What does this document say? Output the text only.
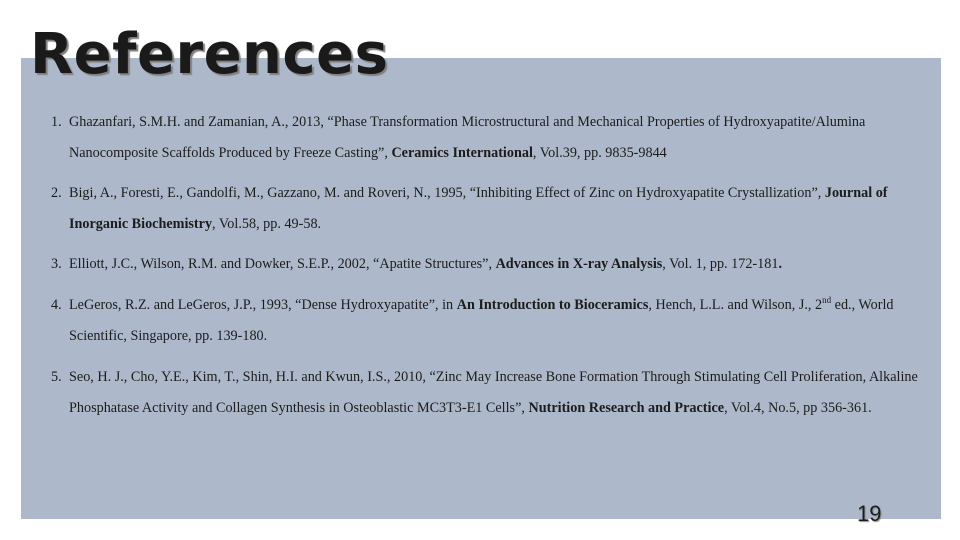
References
1. Ghazanfari, S.M.H. and Zamanian, A., 2013, “Phase Transformation Microstructural and Mechanical Properties of Hydroxyapatite/Alumina Nanocomposite Scaffolds Produced by Freeze Casting”, Ceramics International, Vol.39, pp. 9835-9844
2. Bigi, A., Foresti, E., Gandolfi, M., Gazzano, M. and Roveri, N., 1995, “Inhibiting Effect of Zinc on Hydroxyapatite Crystallization”, Journal of Inorganic Biochemistry, Vol.58, pp. 49-58.
3. Elliott, J.C., Wilson, R.M. and Dowker, S.E.P., 2002, “Apatite Structures”, Advances in X-ray Analysis, Vol. 1, pp. 172-181.
4. LeGeros, R.Z. and LeGeros, J.P., 1993, “Dense Hydroxyapatite”, in An Introduction to Bioceramics, Hench, L.L. and Wilson, J., 2nd ed., World Scientific, Singapore, pp. 139-180.
5. Seo, H. J., Cho, Y.E., Kim, T., Shin, H.I. and Kwun, I.S., 2010, “Zinc May Increase Bone Formation Through Stimulating Cell Proliferation, Alkaline Phosphatase Activity and Collagen Synthesis in Osteoblastic MC3T3-E1 Cells”, Nutrition Research and Practice, Vol.4, No.5, pp 356-361.
19
